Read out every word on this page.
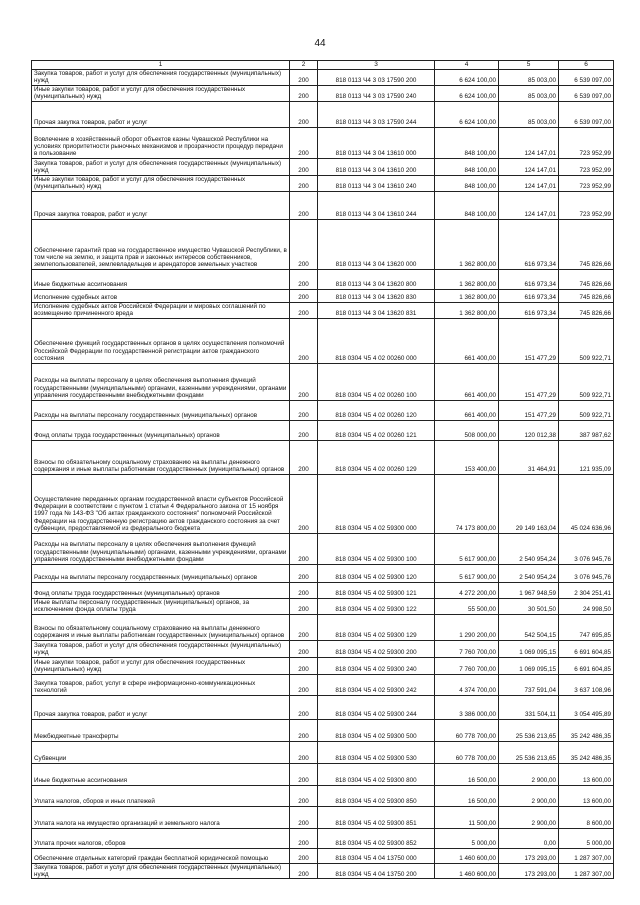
44
1	2	3	4	5	6
Закупка товаров, работ и услуг для обеспечения государственных (муниципальных) нужд	200	818 0113 Ч4 3 03 17590 200	6 624 100,00	85 003,00	6 539 097,00
Иные закупки товаров, работ и услуг для обеспечения государственных (муниципальных) нужд	200	818 0113 Ч4 3 03 17590 240	6 624 100,00	85 003,00	6 539 097,00
Прочая закупка товаров, работ и услуг	200	818 0113 Ч4 3 03 17590 244	6 624 100,00	85 003,00	6 539 097,00
Вовлечение в хозяйственный оборот объектов казны Чувашской Республики на условиях приоритетности рыночных механизмов и прозрачности процедур передачи в пользование	200	818 0113 Ч4 3 04 13610 000	848 100,00	124 147,01	723 952,99
Закупка товаров, работ и услуг для обеспечения государственных (муниципальных) нужд	200	818 0113 Ч4 3 04 13610 200	848 100,00	124 147,01	723 952,99
Иные закупки товаров, работ и услуг для обеспечения государственных (муниципальных) нужд	200	818 0113 Ч4 3 04 13610 240	848 100,00	124 147,01	723 952,99
Прочая закупка товаров, работ и услуг	200	818 0113 Ч4 3 04 13610 244	848 100,00	124 147,01	723 952,99
Обеспечение гарантий прав на государственное имущество Чувашской Республики, в том числе на землю, и защита прав и законных интересов собственников, землепользователей, землевладельцев и арендаторов земельных участков	200	818 0113 Ч4 3 04 13620 000	1 362 800,00	616 973,34	745 826,66
Иные бюджетные ассигнования	200	818 0113 Ч4 3 04 13620 800	1 362 800,00	616 973,34	745 826,66
Исполнение судебных актов	200	818 0113 Ч4 3 04 13620 830	1 362 800,00	616 973,34	745 826,66
Исполнение судебных актов Российской Федерации и мировых соглашений по возмещению причиненного вреда	200	818 0113 Ч4 3 04 13620 831	1 362 800,00	616 973,34	745 826,66
Обеспечение функций государственных органов в целях осуществления полномочий Российской Федерации по государственной регистрации актов гражданского состояния	200	818 0304 Ч5 4 02 00260 000	661 400,00	151 477,29	509 922,71
Расходы на выплаты персоналу в целях обеспечения выполнения функций государственными (муниципальными) органами, казенными учреждениями, органами управления государственными внебюджетными фондами	200	818 0304 Ч5 4 02 00260 100	661 400,00	151 477,29	509 922,71
Расходы на выплаты персоналу государственных (муниципальных) органов	200	818 0304 Ч5 4 02 00260 120	661 400,00	151 477,29	509 922,71
Фонд оплаты труда государственных (муниципальных) органов	200	818 0304 Ч5 4 02 00260 121	508 000,00	120 012,38	387 987,62
Взносы по обязательному социальному страхованию на выплаты денежного содержания и иные выплаты работникам государственных (муниципальных) органов	200	818 0304 Ч5 4 02 00260 129	153 400,00	31 464,91	121 935,09
Осуществление переданных органам государственной власти субъектов Российской Федерации в соответствии с пунктом 1 статьи 4 Федерального закона от 15 ноября 1997 года № 143-ФЗ "Об актах гражданского состояния" полномочий Российской Федерации на государственную регистрацию актов гражданского состояния за счет субвенции, предоставляемой из федерального бюджета	200	818 0304 Ч5 4 02 59300 000	74 173 800,00	29 149 163,04	45 024 636,96
Расходы на выплаты персоналу в целях обеспечения выполнения функций государственными (муниципальными) органами, казенными учреждениями, органами управления государственными внебюджетными фондами	200	818 0304 Ч5 4 02 59300 100	5 617 900,00	2 540 954,24	3 076 945,76
Расходы на выплаты персоналу государственных (муниципальных) органов	200	818 0304 Ч5 4 02 59300 120	5 617 900,00	2 540 954,24	3 076 945,76
Фонд оплаты труда государственных (муниципальных) органов	200	818 0304 Ч5 4 02 59300 121	4 272 200,00	1 967 948,59	2 304 251,41
Иные выплаты персоналу государственных (муниципальных) органов, за исключением фонда оплаты труда	200	818 0304 Ч5 4 02 59300 122	55 500,00	30 501,50	24 998,50
Взносы по обязательному социальному страхованию на выплаты денежного содержания и иные выплаты работникам государственных (муниципальных) органов	200	818 0304 Ч5 4 02 59300 129	1 290 200,00	542 504,15	747 695,85
Закупка товаров, работ и услуг для обеспечения государственных (муниципальных) нужд	200	818 0304 Ч5 4 02 59300 200	7 760 700,00	1 069 095,15	6 691 604,85
Иные закупки товаров, работ и услуг для обеспечения государственных (муниципальных) нужд	200	818 0304 Ч5 4 02 59300 240	7 760 700,00	1 069 095,15	6 691 604,85
Закупка товаров, работ, услуг в сфере информационно-коммуникационных технологий	200	818 0304 Ч5 4 02 59300 242	4 374 700,00	737 591,04	3 637 108,96
Прочая закупка товаров, работ и услуг	200	818 0304 Ч5 4 02 59300 244	3 386 000,00	331 504,11	3 054 495,89
Межбюджетные трансферты	200	818 0304 Ч5 4 02 59300 500	60 778 700,00	25 536 213,65	35 242 486,35
Субвенции	200	818 0304 Ч5 4 02 59300 530	60 778 700,00	25 536 213,65	35 242 486,35
Иные бюджетные ассигнования	200	818 0304 Ч5 4 02 59300 800	16 500,00	2 900,00	13 600,00
Уплата налогов, сборов и иных платежей	200	818 0304 Ч5 4 02 59300 850	16 500,00	2 900,00	13 600,00
Уплата налога на имущество организаций и земельного налога	200	818 0304 Ч5 4 02 59300 851	11 500,00	2 900,00	8 600,00
Уплата прочих налогов, сборов	200	818 0304 Ч5 4 02 59300 852	5 000,00	0,00	5 000,00
Обеспечение отдельных категорий граждан бесплатной юридической помощью	200	818 0304 Ч5 4 04 13750 000	1 460 600,00	173 293,00	1 287 307,00
Закупка товаров, работ и услуг для обеспечения государственных (муниципальных) нужд	200	818 0304 Ч5 4 04 13750 200	1 460 600,00	173 293,00	1 287 307,00
